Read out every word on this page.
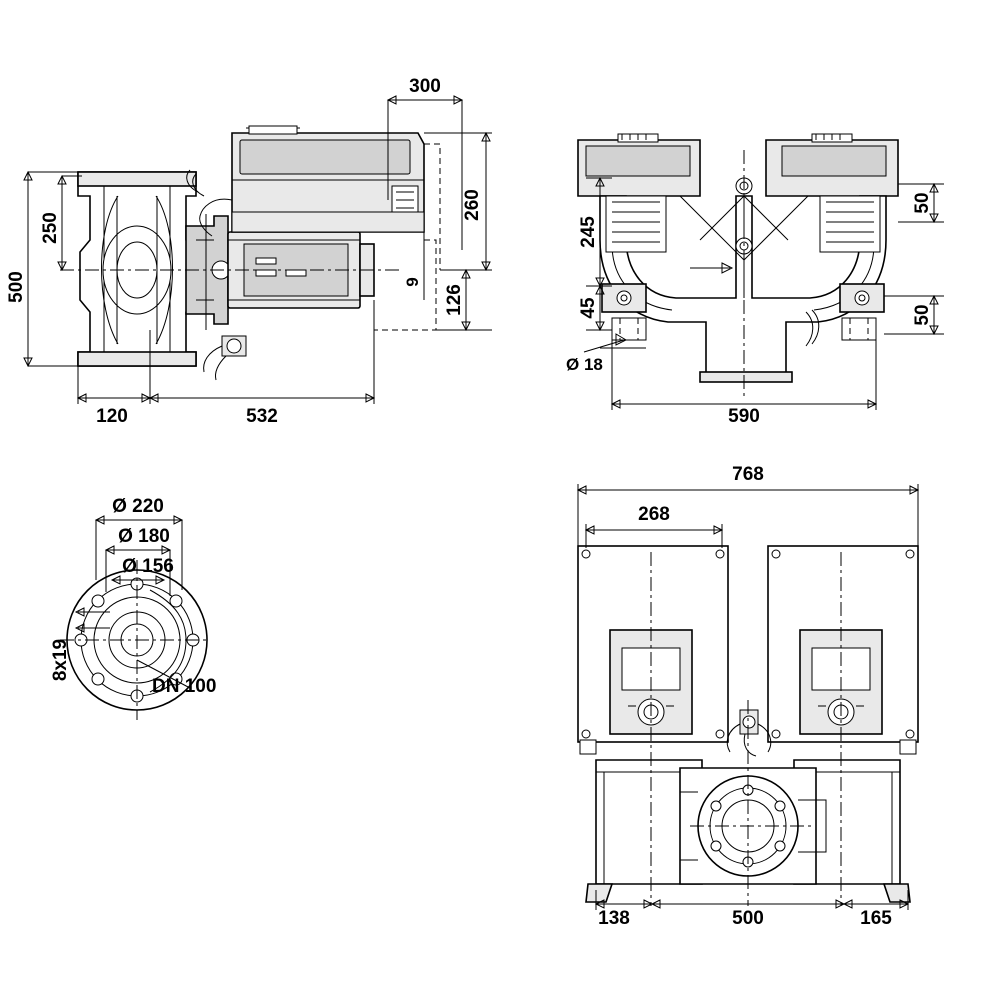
500
250
120	532
300
260
126
9
245
45
50
50
Ø 18
590
Ø 220
Ø 180
Ø 156
8x19
DN 100
768
268
138	500	165
